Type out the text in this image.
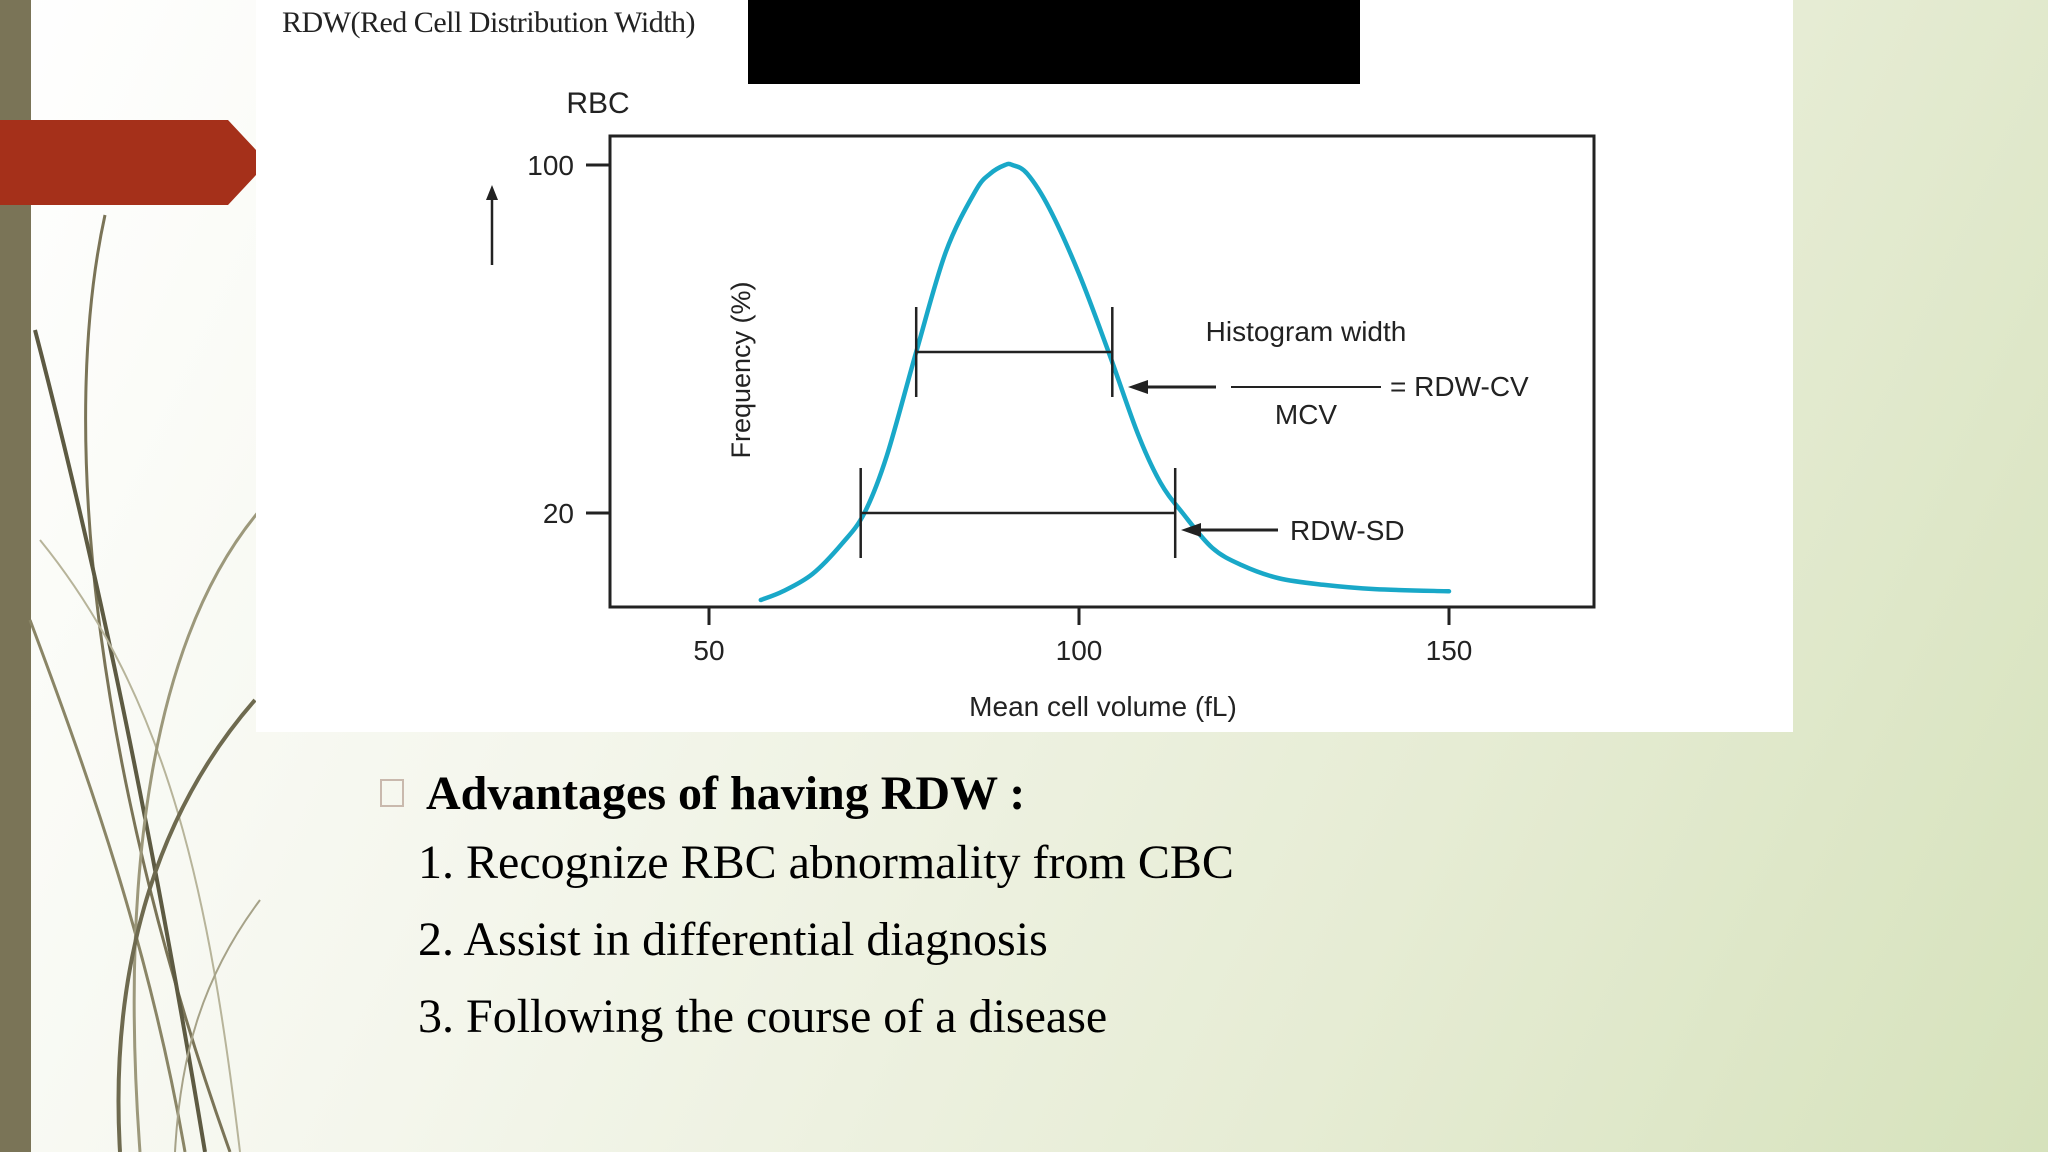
RDW(Red Cell Distribution Width)
RBC
50	100	150
20
100
Frequency (%)
Mean cell volume (fL)
Histogram width
MCV
= RDW-CV
RDW-SD
Advantages of having RDW :
1. Recognize RBC abnormality from CBC
2. Assist in differential diagnosis
3. Following the course of a disease
